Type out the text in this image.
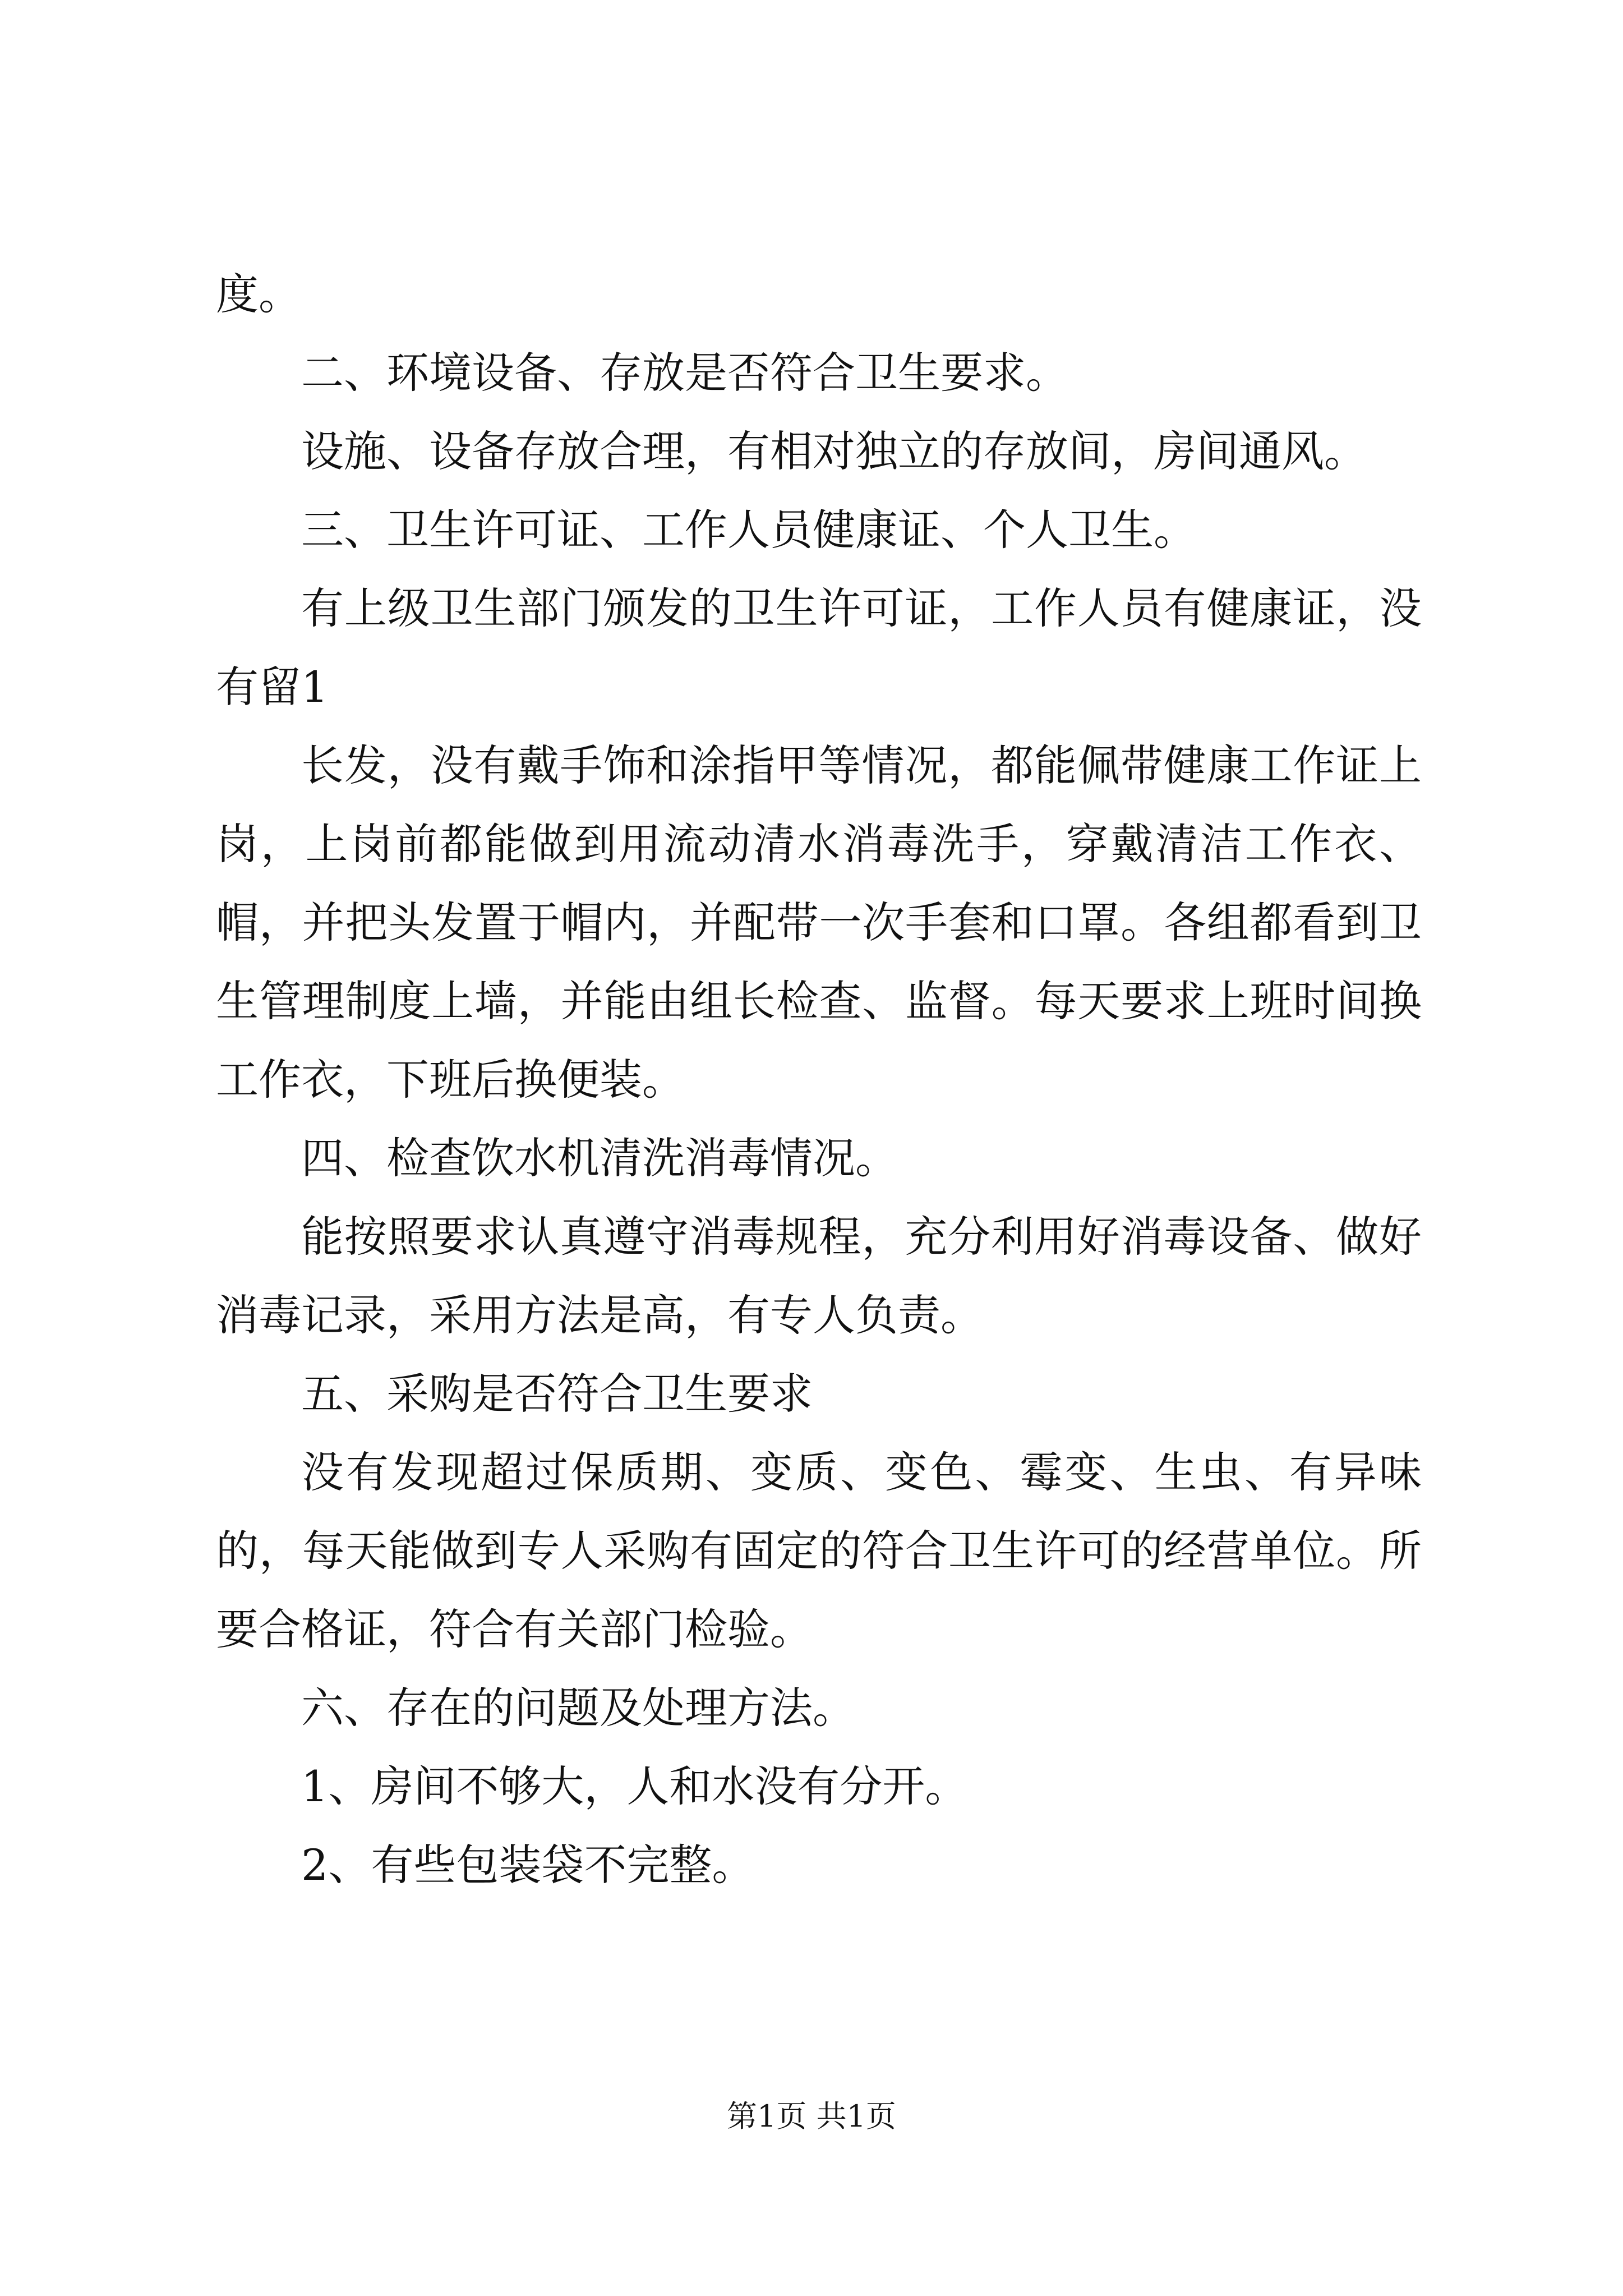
度。

二、环境设备、存放是否符合卫生要求。

设施、设备存放合理，有相对独立的存放间，房间通风。

三、卫生许可证、工作人员健康证、个人卫生。

有上级卫生部门颁发的卫生许可证，工作人员有健康证，没有留1

长发，没有戴手饰和涂指甲等情况，都能佩带健康工作证上岗，上岗前都能做到用流动清水消毒洗手，穿戴清洁工作衣、帽，并把头发置于帽内，并配带一次手套和口罩。各组都看到卫生管理制度上墙，并能由组长检查、监督。每天要求上班时间换工作衣，下班后换便装。

四、检查饮水机清洗消毒情况。

能按照要求认真遵守消毒规程，充分利用好消毒设备、做好消毒记录，采用方法是高，有专人负责。

五、采购是否符合卫生要求

没有发现超过保质期、变质、变色、霉变、生虫、有异味的，每天能做到专人采购有固定的符合卫生许可的经营单位。所要合格证，符合有关部门检验。

六、存在的问题及处理方法。

1、房间不够大，人和水没有分开。

2、有些包装袋不完整。

第1页 共1页
